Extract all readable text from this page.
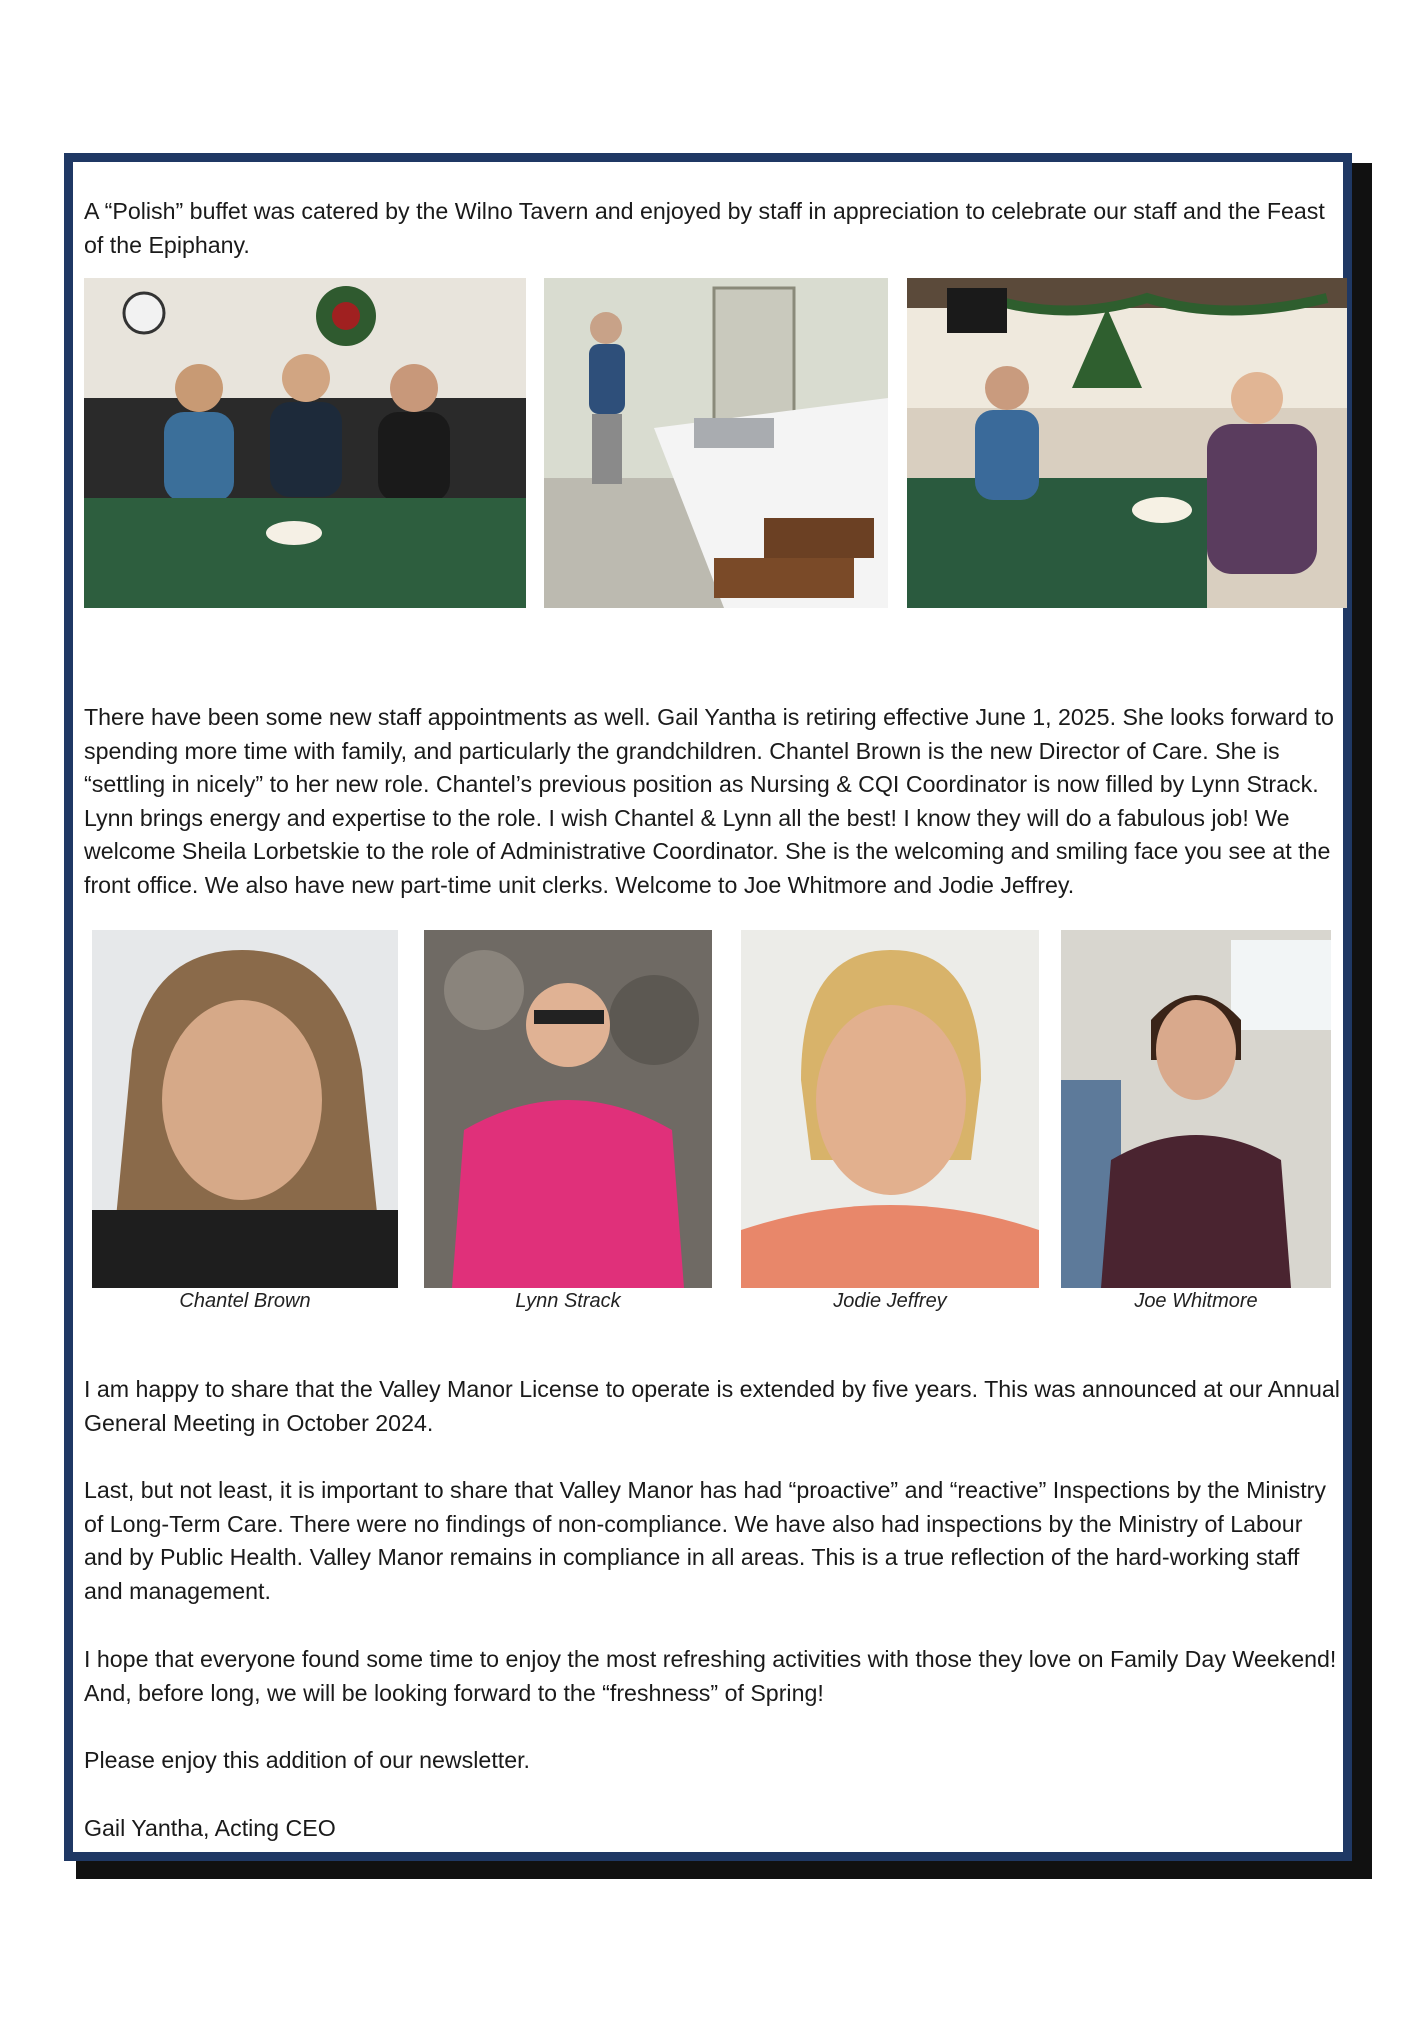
A “Polish” buffet was catered by the Wilno Tavern and enjoyed by staff in appreciation to celebrate our staff and the Feast of the Epiphany.

There have been some new staff appointments as well. Gail Yantha is retiring effective June 1, 2025. She looks forward to spending more time with family, and particularly the grandchildren. Chantel Brown is the new Director of Care. She is “settling in nicely” to her new role. Chantel’s previous position as Nursing & CQI Coordinator is now filled by Lynn Strack. Lynn brings energy and expertise to the role. I wish Chantel & Lynn all the best! I know they will do a fabulous job! We welcome Sheila Lorbetskie to the role of Administrative Coordinator. She is the welcoming and smiling face you see at the front office. We also have new part-time unit clerks. Welcome to Joe Whitmore and Jodie Jeffrey.

Chantel Brown	Lynn Strack	Jodie Jeffrey	Joe Whitmore

I am happy to share that the Valley Manor License to operate is extended by five years. This was announced at our Annual General Meeting in October 2024.

Last, but not least, it is important to share that Valley Manor has had “proactive” and “reactive” Inspections by the Ministry of Long-Term Care. There were no findings of non-compliance. We have also had inspections by the Ministry of Labour and by Public Health. Valley Manor remains in compliance in all areas. This is a true reflection of the hard-working staff and management.

I hope that everyone found some time to enjoy the most refreshing activities with those they love on Family Day Weekend! And, before long, we will be looking forward to the “freshness” of Spring!

Please enjoy this addition of our newsletter.

Gail Yantha, Acting CEO
